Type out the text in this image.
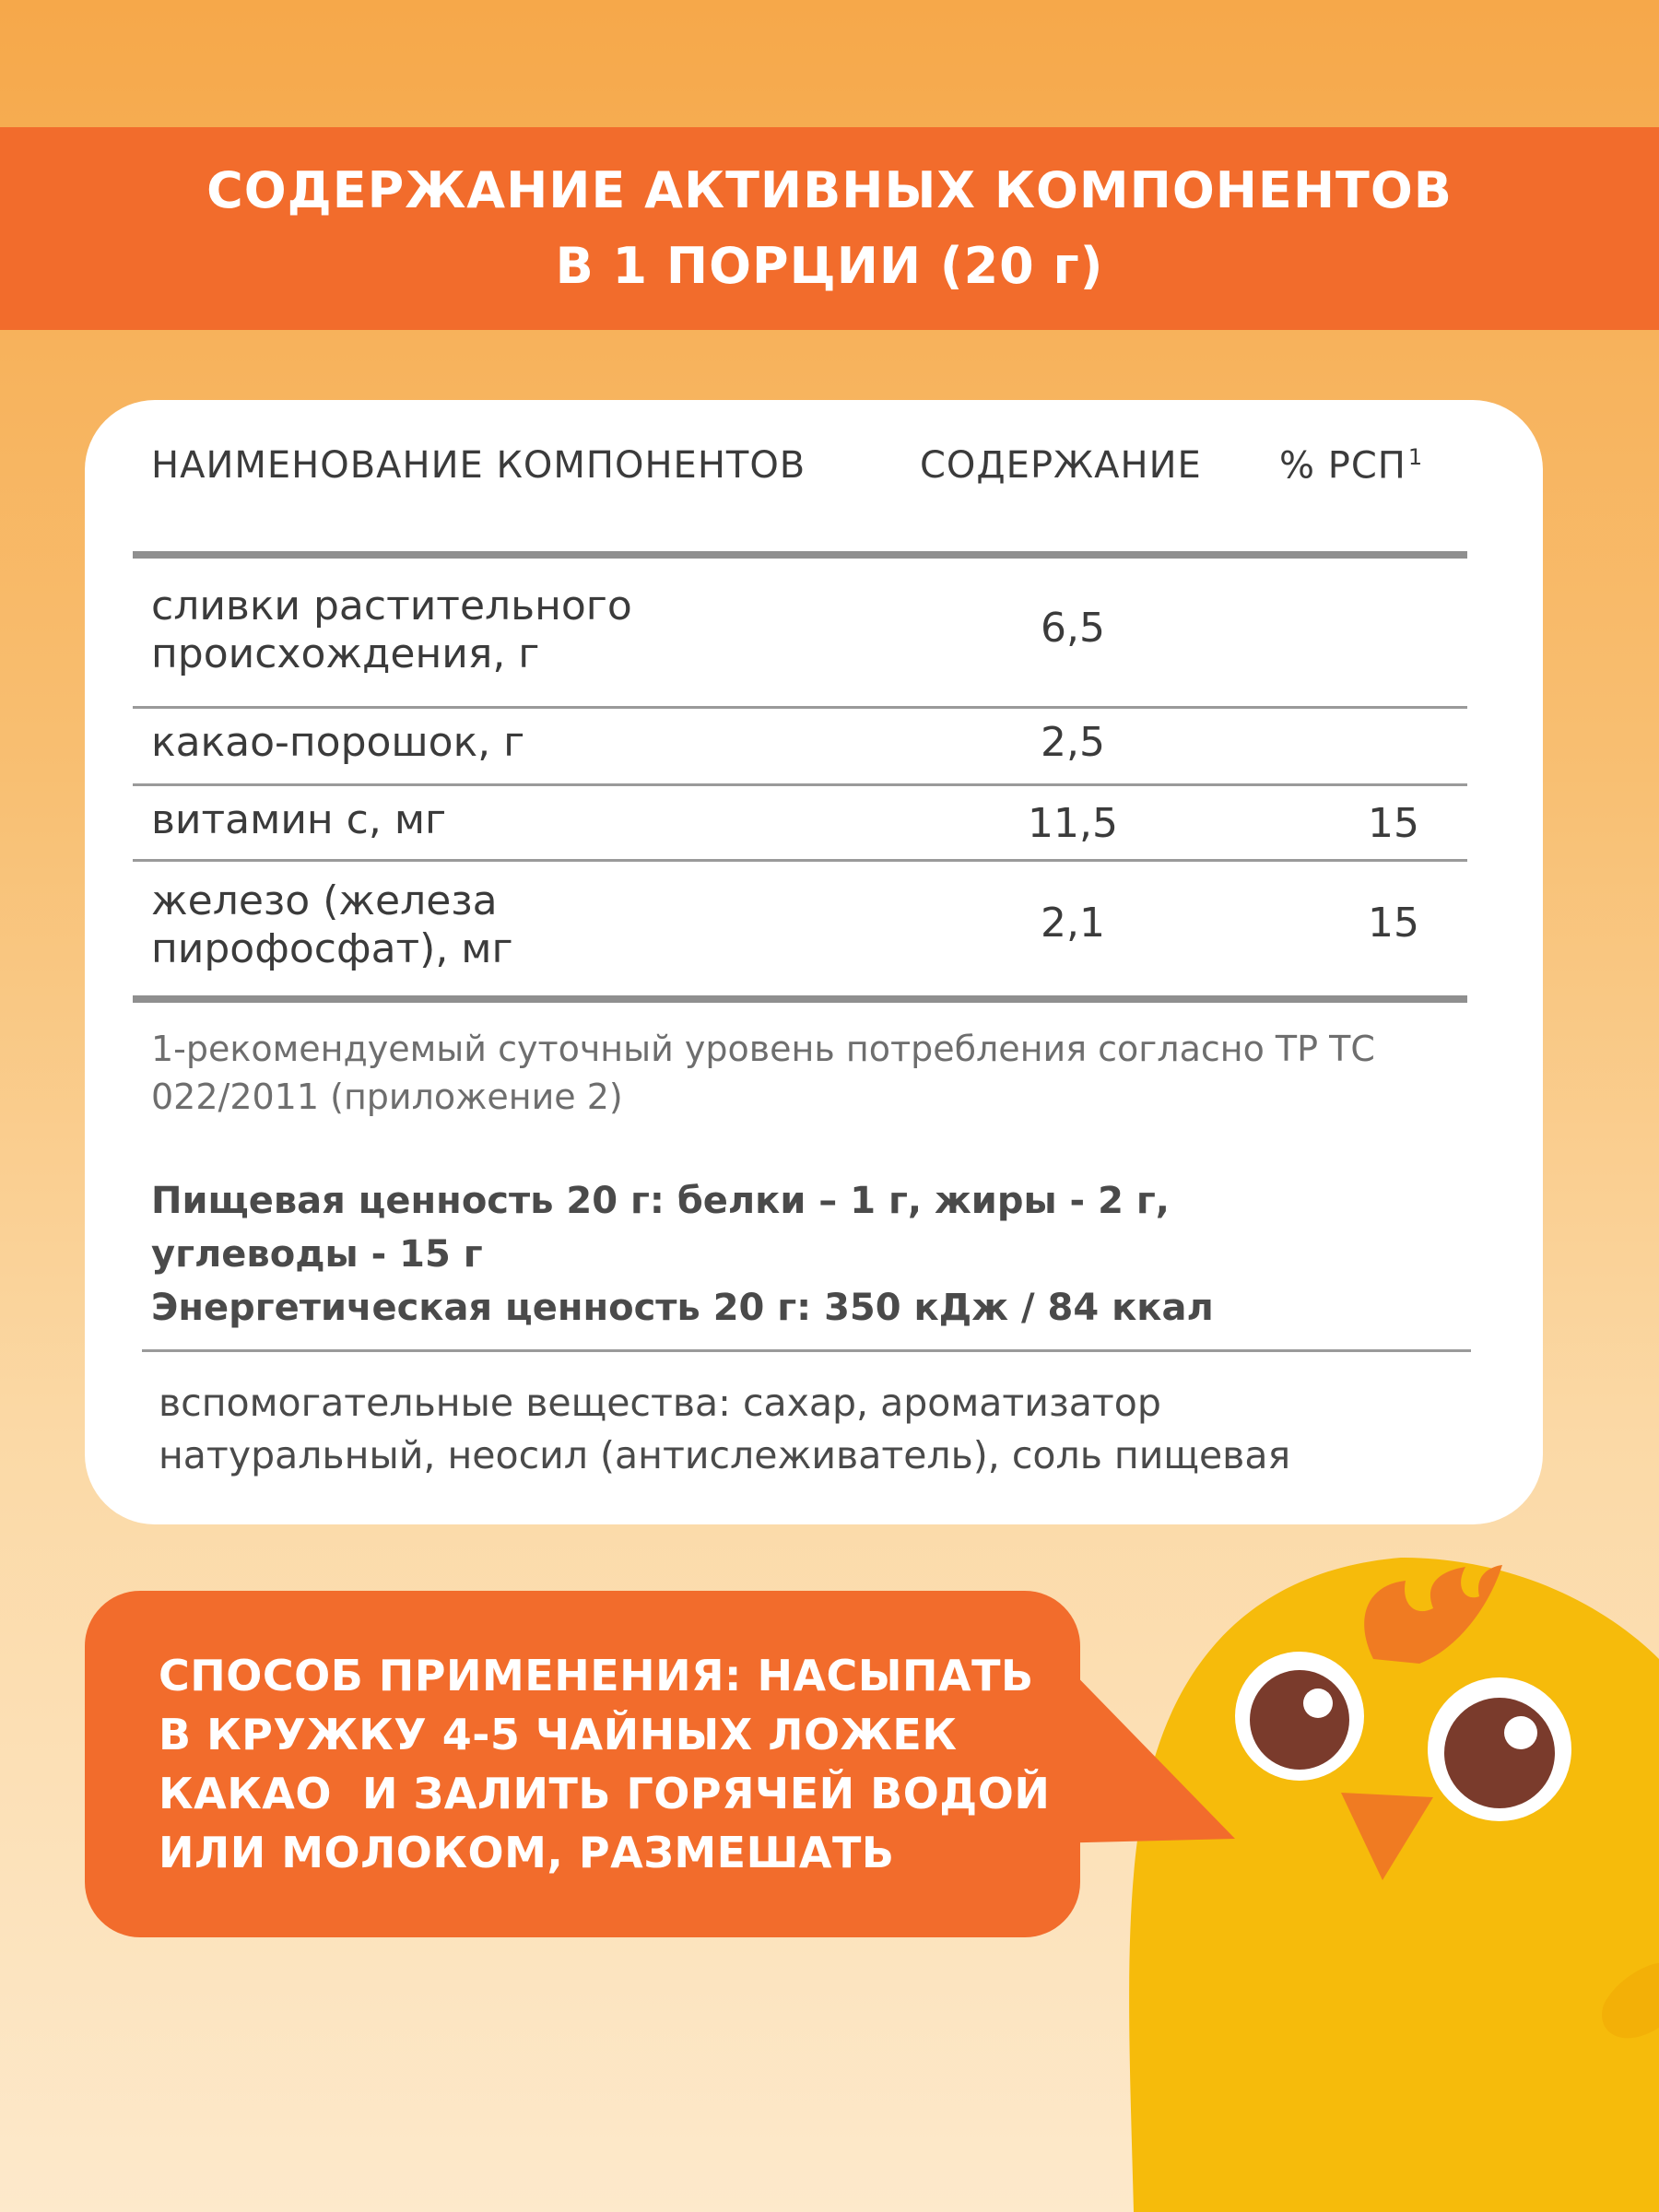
СОДЕРЖАНИЕ АКТИВНЫХ КОМПОНЕНТОВ
В 1 ПОРЦИИ (20 г)
НАИМЕНОВАНИЕ КОМПОНЕНТОВ	СОДЕРЖАНИЕ % РСП$^1$
сливки растительного
происхождения, г
6,5
какао-порошок, г	2,5
витамин с, мг	11,5	15
железо (железа
пирофосфат), мг
2,1	15
1-рекомендуемый суточный уровень потребления согласно ТР ТС 022/2011 (приложение 2)
Пищевая ценность 20 г: белки – 1 г, жиры - 2 г,
углеводы - 15 г
Энергетическая ценность 20 г: 350 кДж / 84 ккал
вспомогательные вещества: сахар, ароматизатор
натуральный, неосил (антислеживатель), соль пищевая
СПОСОБ ПРИМЕНЕНИЯ: НАСЫПАТЬ
В КРУЖКУ 4-5 ЧАЙНЫХ ЛОЖЕК
КАКАО  И ЗАЛИТЬ ГОРЯЧЕЙ ВОДОЙ
ИЛИ МОЛОКОМ, РАЗМЕШАТЬ
